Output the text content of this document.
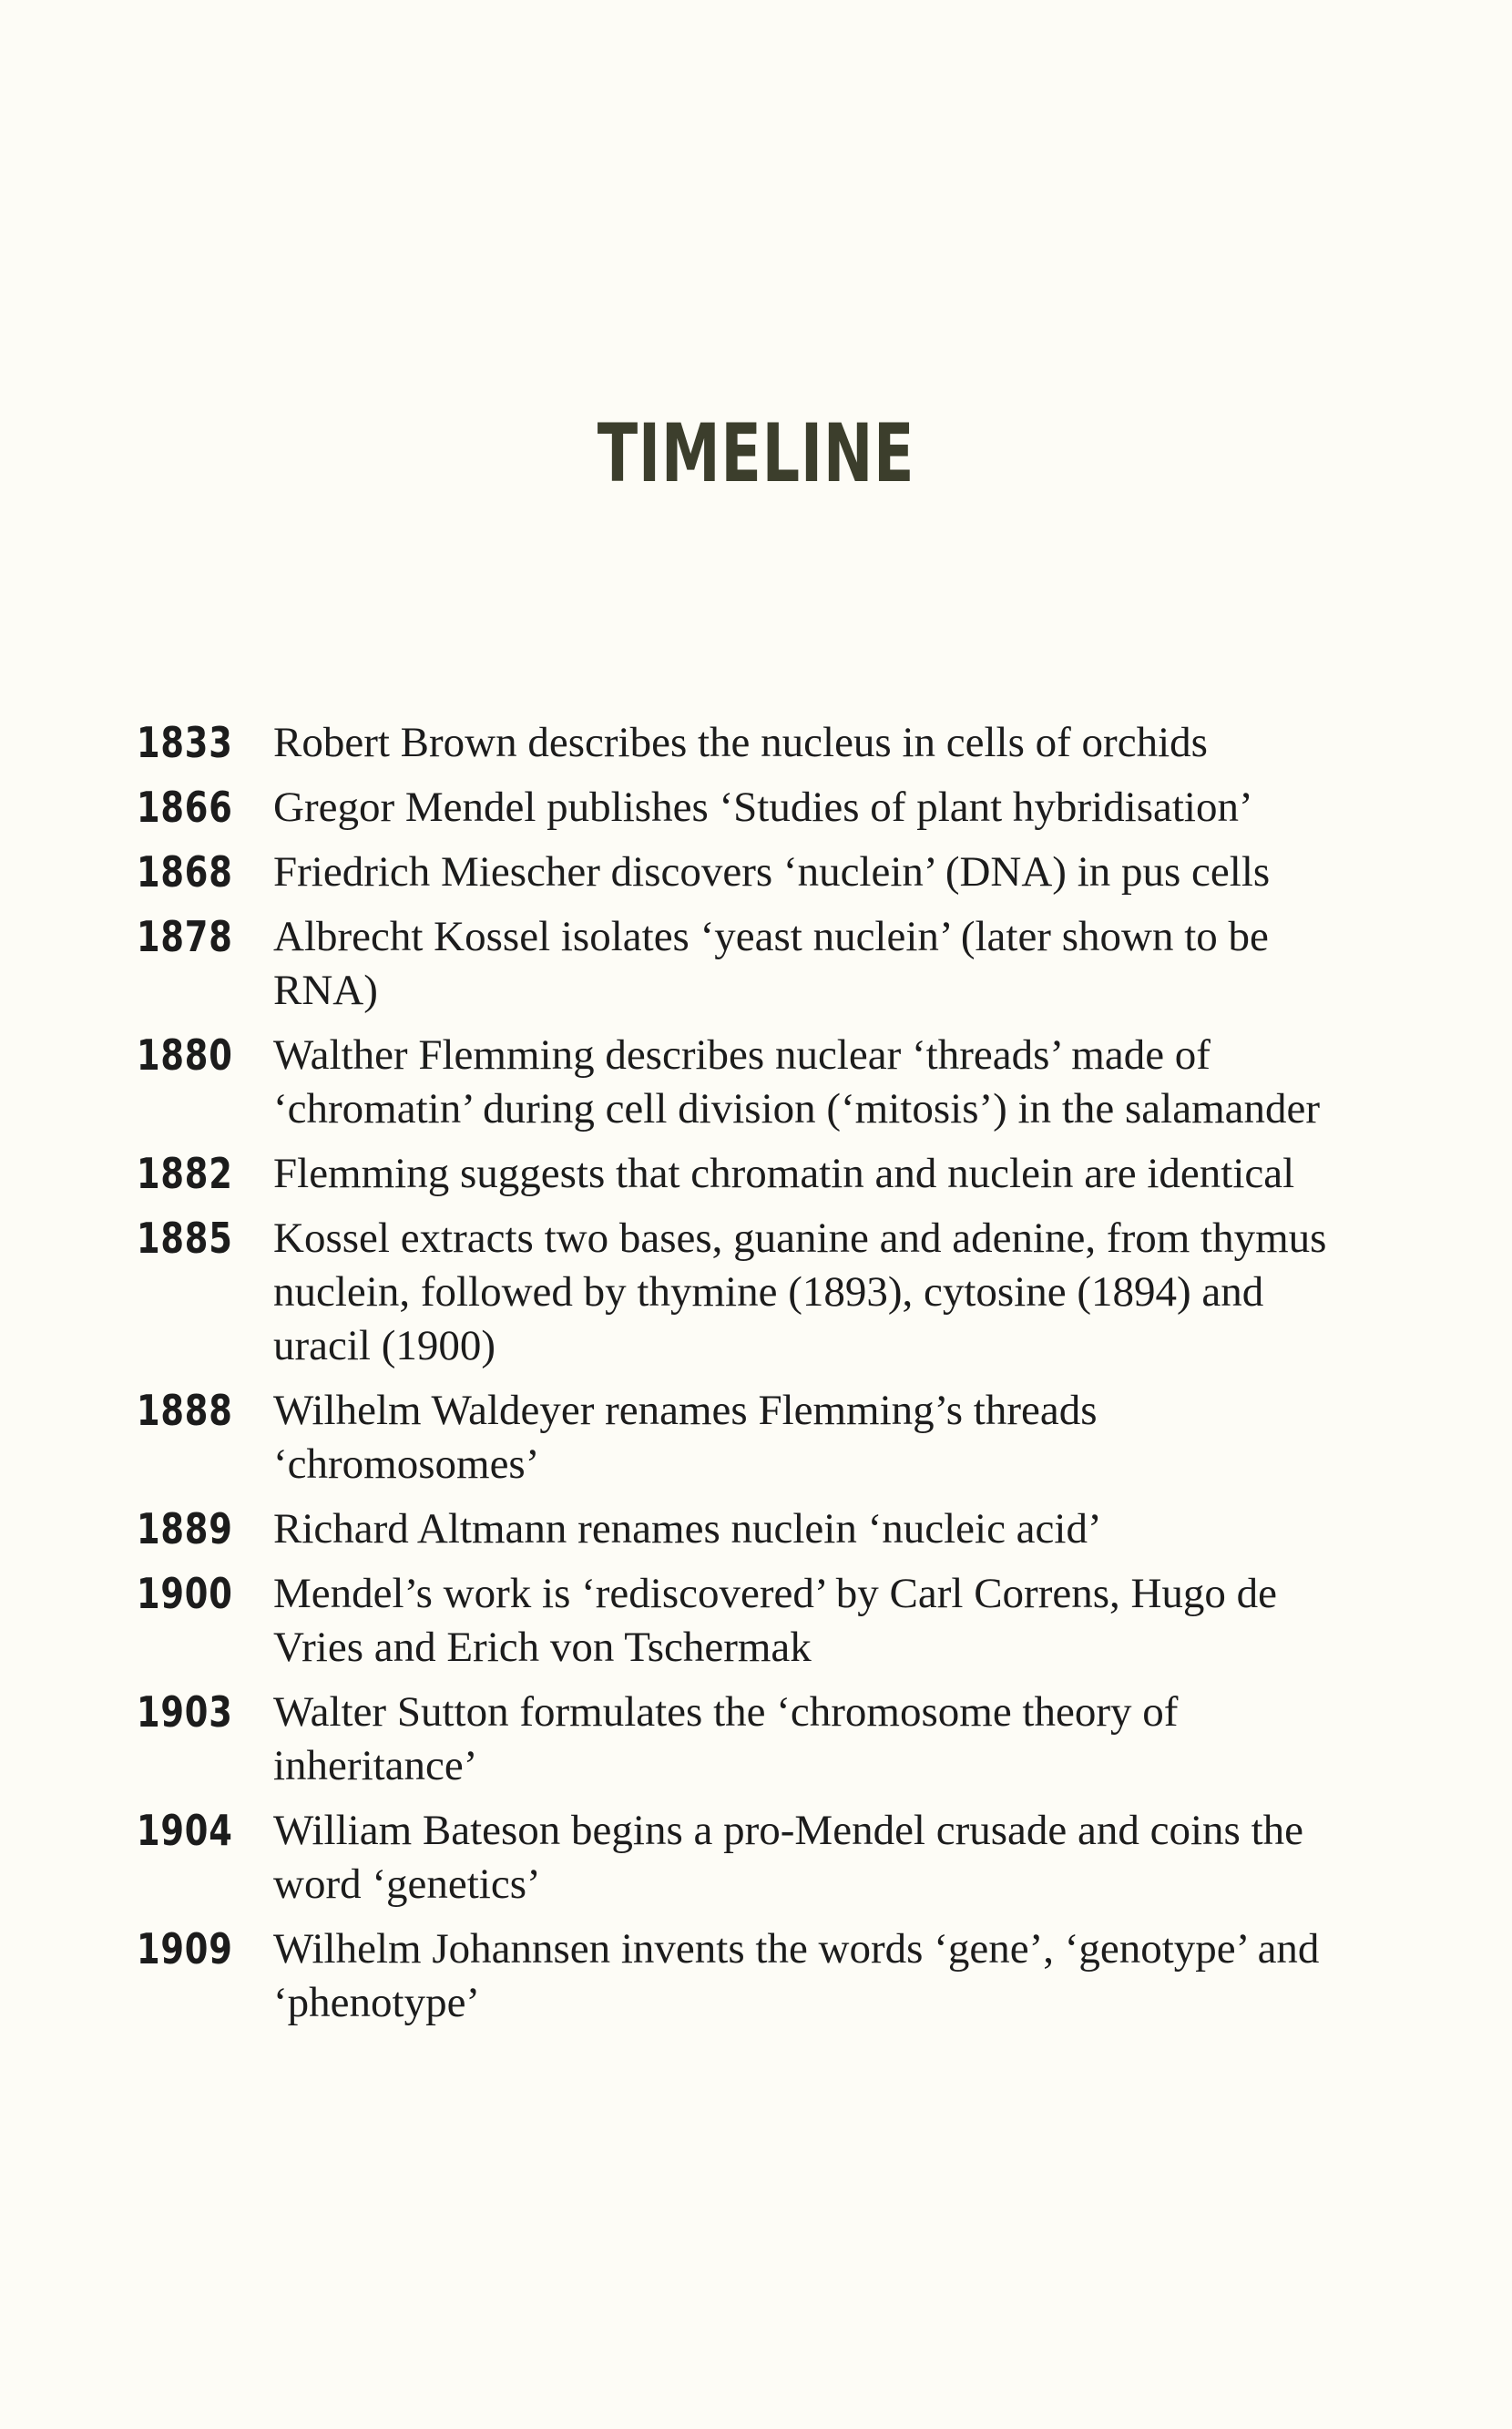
TIMELINE
1833 Robert Brown describes the nucleus in cells of orchids
1866 Gregor Mendel publishes ‘Studies of plant hybridisation’
1868 Friedrich Miescher discovers ‘nuclein’ (DNA) in pus cells
1878 Albrecht Kossel isolates ‘yeast nuclein’ (later shown to be RNA)
1880 Walther Flemming describes nuclear ‘threads’ made of ‘chromatin’ during cell division (‘mitosis’) in the salamander
1882 Flemming suggests that chromatin and nuclein are identical
1885 Kossel extracts two bases, guanine and adenine, from thymus nuclein, followed by thymine (1893), cytosine (1894) and uracil (1900)
1888 Wilhelm Waldeyer renames Flemming’s threads ‘chromosomes’
1889 Richard Altmann renames nuclein ‘nucleic acid’
1900 Mendel’s work is ‘rediscovered’ by Carl Correns, Hugo de Vries and Erich von Tschermak
1903 Walter Sutton formulates the ‘chromosome theory of inheritance’
1904 William Bateson begins a pro-Mendel crusade and coins the word ‘genetics’
1909 Wilhelm Johannsen invents the words ‘gene’, ‘genotype’ and ‘phenotype’
